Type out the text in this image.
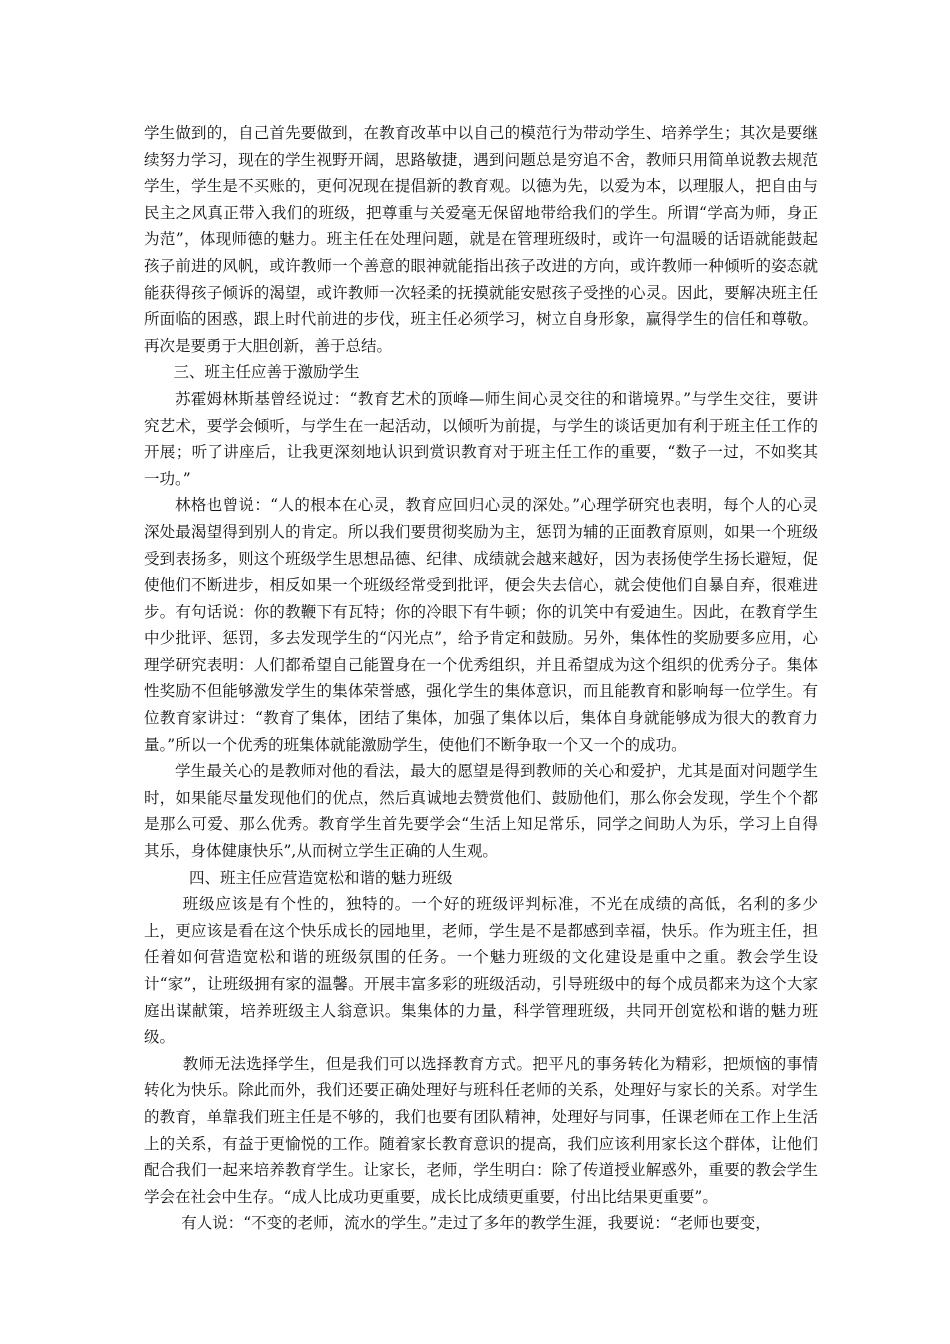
学生做到的，自己首先要做到，在教育改革中以自己的模范行为带动学生、培养学生；其次是要继续努力学习，现在的学生视野开阔，思路敏捷，遇到问题总是穷追不舍，教师只用简单说教去规范学生，学生是不买账的，更何况现在提倡新的教育观。以德为先，以爱为本，以理服人，把自由与民主之风真正带入我们的班级，把尊重与关爱毫无保留地带给我们的学生。所谓“学高为师，身正为范”，体现师德的魅力。班主任在处理问题，就是在管理班级时，或许一句温暖的话语就能鼓起孩子前进的风帆，或许教师一个善意的眼神就能指出孩子改进的方向，或许教师一种倾听的姿态就能获得孩子倾诉的渴望，或许教师一次轻柔的抚摸就能安慰孩子受挫的心灵。因此，要解决班主任所面临的困惑，跟上时代前进的步伐，班主任必须学习，树立自身形象，赢得学生的信任和尊敬。再次是要勇于大胆创新，善于总结。

三、班主任应善于激励学生

苏霍姆林斯基曾经说过：“教育艺术的顶峰—师生间心灵交往的和谐境界。”与学生交往，要讲究艺术，要学会倾听，与学生在一起活动，以倾听为前提，与学生的谈话更加有利于班主任工作的开展；听了讲座后，让我更深刻地认识到赏识教育对于班主任工作的重要，“数子一过，不如奖其一功。”

林格也曾说：“人的根本在心灵，教育应回归心灵的深处。”心理学研究也表明，每个人的心灵深处最渴望得到别人的肯定。所以我们要贯彻奖励为主，惩罚为辅的正面教育原则，如果一个班级受到表扬多，则这个班级学生思想品德、纪律、成绩就会越来越好，因为表扬使学生扬长避短，促使他们不断进步，相反如果一个班级经常受到批评，便会失去信心，就会使他们自暴自弃，很难进步。有句话说：你的教鞭下有瓦特；你的冷眼下有牛顿；你的讥笑中有爱迪生。因此，在教育学生中少批评、惩罚，多去发现学生的“闪光点”，给予肯定和鼓励。另外，集体性的奖励要多应用，心理学研究表明：人们都希望自己能置身在一个优秀组织，并且希望成为这个组织的优秀分子。集体性奖励不但能够激发学生的集体荣誉感，强化学生的集体意识，而且能教育和影响每一位学生。有位教育家讲过：“教育了集体，团结了集体，加强了集体以后，集体自身就能够成为很大的教育力量。”所以一个优秀的班集体就能激励学生，使他们不断争取一个又一个的成功。

学生最关心的是教师对他的看法，最大的愿望是得到教师的关心和爱护，尤其是面对问题学生时，如果能尽量发现他们的优点，然后真诚地去赞赏他们、鼓励他们，那么你会发现，学生个个都是那么可爱、那么优秀。教育学生首先要学会“生活上知足常乐，同学之间助人为乐，学习上自得其乐，身体健康快乐”,从而树立学生正确的人生观。

四、班主任应营造宽松和谐的魅力班级

班级应该是有个性的，独特的。一个好的班级评判标准，不光在成绩的高低，名利的多少上，更应该是看在这个快乐成长的园地里，老师，学生是不是都感到幸福，快乐。作为班主任，担任着如何营造宽松和谐的班级氛围的任务。一个魅力班级的文化建设是重中之重。教会学生设计“家”，让班级拥有家的温馨。开展丰富多彩的班级活动，引导班级中的每个成员都来为这个大家庭出谋献策，培养班级主人翁意识。集集体的力量，科学管理班级，共同开创宽松和谐的魅力班级。

教师无法选择学生，但是我们可以选择教育方式。把平凡的事务转化为精彩，把烦恼的事情转化为快乐。除此而外，我们还要正确处理好与班科任老师的关系，处理好与家长的关系。对学生的教育，单靠我们班主任是不够的，我们也要有团队精神，处理好与同事，任课老师在工作上生活上的关系，有益于更愉悦的工作。随着家长教育意识的提高，我们应该利用家长这个群体，让他们配合我们一起来培养教育学生。让家长，老师，学生明白：除了传道授业解惑外，重要的教会学生学会在社会中生存。“成人比成功更重要，成长比成绩更重要，付出比结果更重要”。

有人说：“不变的老师，流水的学生。”走过了多年的教学生涯，我要说：“老师也要变，
